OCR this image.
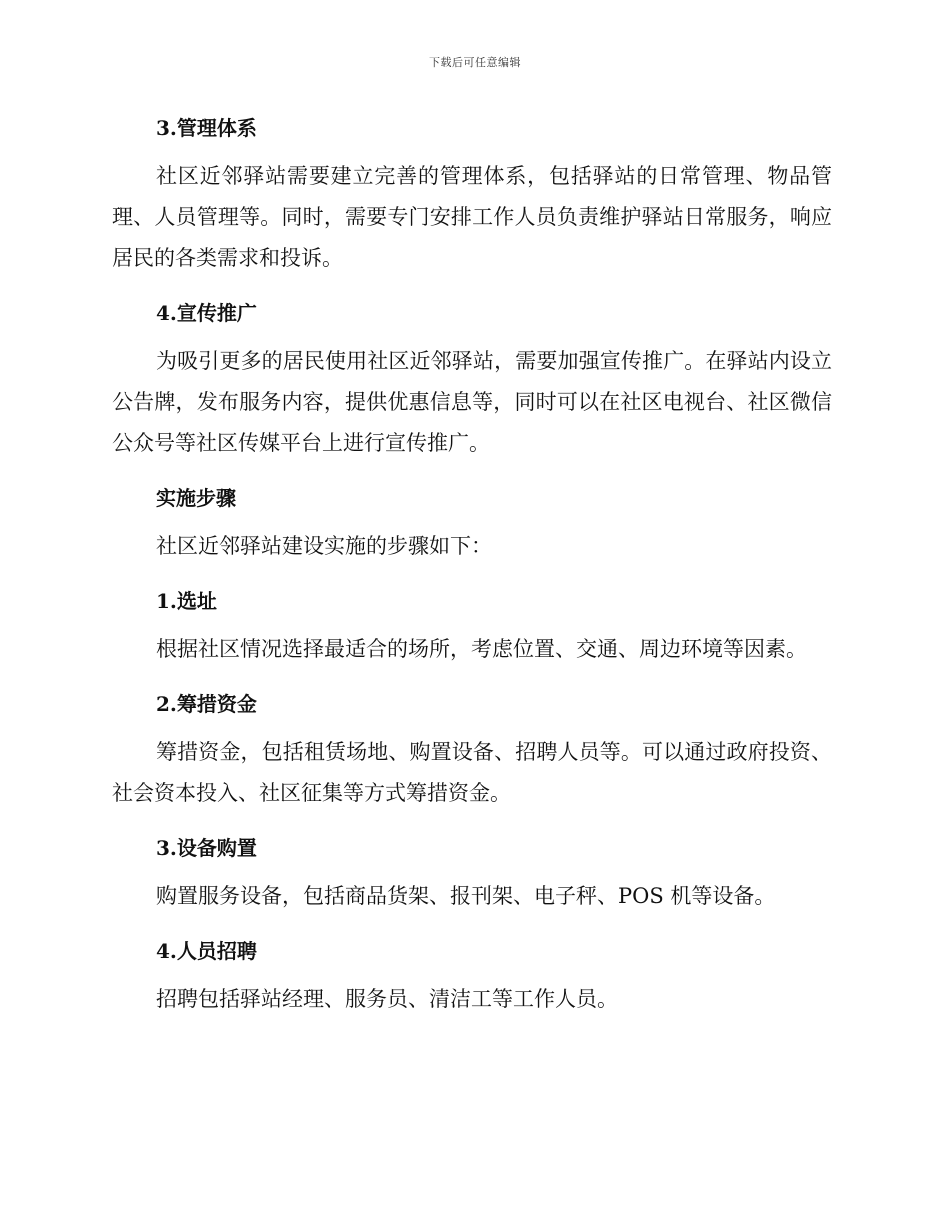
下载后可任意编辑
3.管理体系
社区近邻驿站需要建立完善的管理体系，包括驿站的日常管理、物品管理、人员管理等。同时，需要专门安排工作人员负责维护驿站日常服务，响应居民的各类需求和投诉。
4.宣传推广
为吸引更多的居民使用社区近邻驿站，需要加强宣传推广。在驿站内设立公告牌，发布服务内容，提供优惠信息等，同时可以在社区电视台、社区微信公众号等社区传媒平台上进行宣传推广。
实施步骤
社区近邻驿站建设实施的步骤如下：
1.选址
根据社区情况选择最适合的场所，考虑位置、交通、周边环境等因素。
2.筹措资金
筹措资金，包括租赁场地、购置设备、招聘人员等。可以通过政府投资、社会资本投入、社区征集等方式筹措资金。
3.设备购置
购置服务设备，包括商品货架、报刊架、电子秤、POS 机等设备。
4.人员招聘
招聘包括驿站经理、服务员、清洁工等工作人员。
